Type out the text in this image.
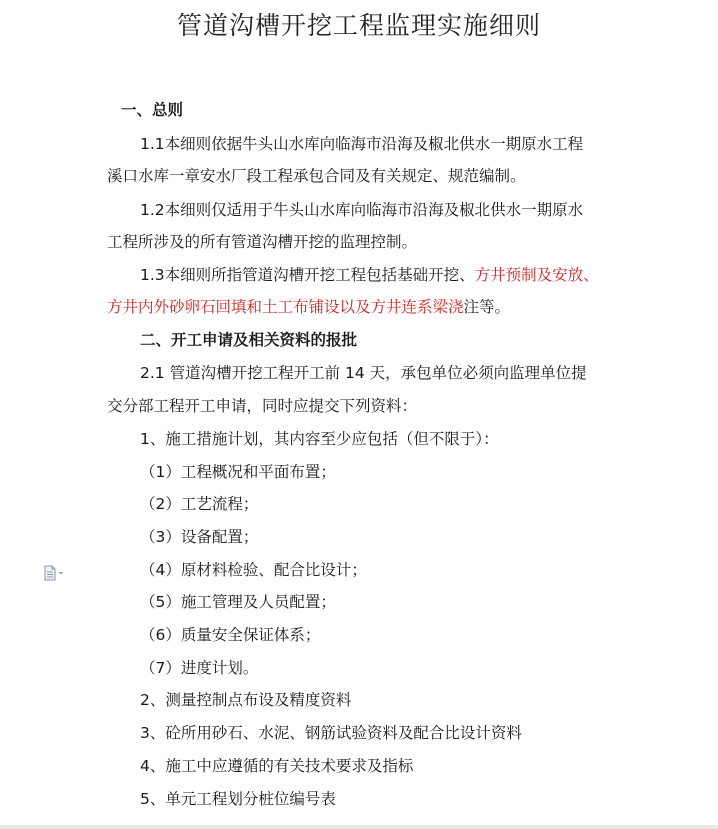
管道沟槽开挖工程监理实施细则
一、总则
1.1本细则依据牛头山水库向临海市沿海及椒北供水一期原水工程
溪口水库一章安水厂段工程承包合同及有关规定、规范编制。
1.2本细则仅适用于牛头山水库向临海市沿海及椒北供水一期原水
工程所涉及的所有管道沟槽开挖的监理控制。
1.3本细则所指管道沟槽开挖工程包括基础开挖、方井预制及安放、
方井内外砂卵石回填和土工布铺设以及方井连系梁浇注等。
二、开工申请及相关资料的报批
2.1 管道沟槽开挖工程开工前 14 天，承包单位必须向监理单位提
交分部工程开工申请，同时应提交下列资料：
1、施工措施计划，其内容至少应包括（但不限于）：
（1）工程概况和平面布置；
（2）工艺流程；
（3）设备配置；
（4）原材料检验、配合比设计；
（5）施工管理及人员配置；
（6）质量安全保证体系；
（7）进度计划。
2、测量控制点布设及精度资料
3、砼所用砂石、水泥、钢筋试验资料及配合比设计资料
4、施工中应遵循的有关技术要求及指标
5、单元工程划分桩位编号表
